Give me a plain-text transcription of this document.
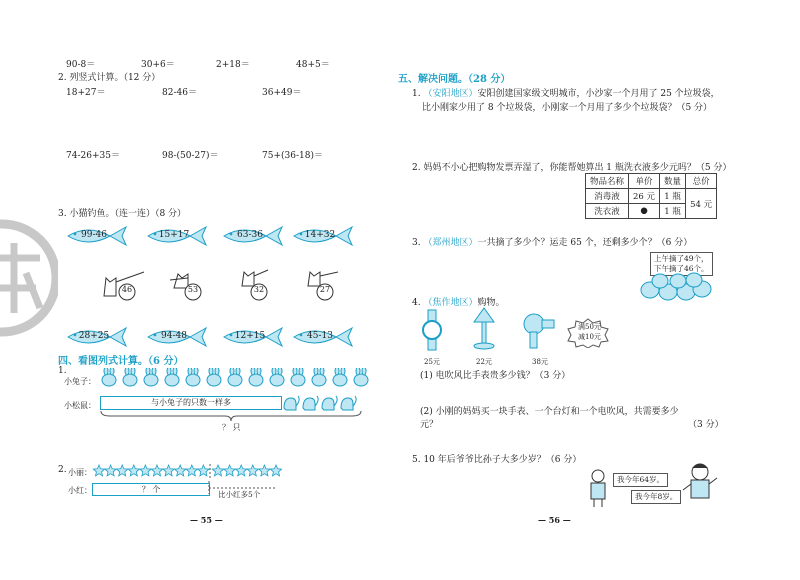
90-8＝	30+6＝	2+18＝	48+5＝
2. 列竖式计算。（12 分）
18+27＝	82-46＝	36+49＝
74-26+35＝	98-(50-27)＝	75+(36-18)＝
3. 小猫钓鱼。（连一连）（8 分）
99-46	15+17	63-36	14+32
46	53	32	27
28+25	94-48	12+15	45-13
四、看图列式计算。（6 分）
1.
小兔子：
小松鼠：	与小兔子的只数一样多
？ 只
2. 小丽：
小红：	？ 个
比小红多5个
— 55 —
五、解决问题。（28 分）
1. （安阳地区）安阳创建国家级文明城市，小沙家一个月用了 25 个垃圾袋，
比小刚家少用了 8 个垃圾袋，小刚家一个月用了多少个垃圾袋？（5 分）
2. 妈妈不小心把购物发票弄湿了，你能帮她算出 1 瓶洗衣液多少元吗？（5 分）
物品名称	单价	数量	总价
消毒液	26 元	1 瓶	54 元
洗衣液	●	1 瓶	
3. （郑州地区）一共摘了多少个？运走 65 个，还剩多少个？（6 分）
上午摘了49个，
下午摘了46个。
4. （焦作地区）购物。
满50元
减10元
25元	22元	38元
(1) 电吹风比手表贵多少钱？（3 分）
(2) 小刚的妈妈买一块手表、一个台灯和一个电吹风，共需要多少
元？	（3 分）
5. 10 年后爷爷比孙子大多少岁？（6 分）
我今年64岁。
我今年8岁。
— 56 —
